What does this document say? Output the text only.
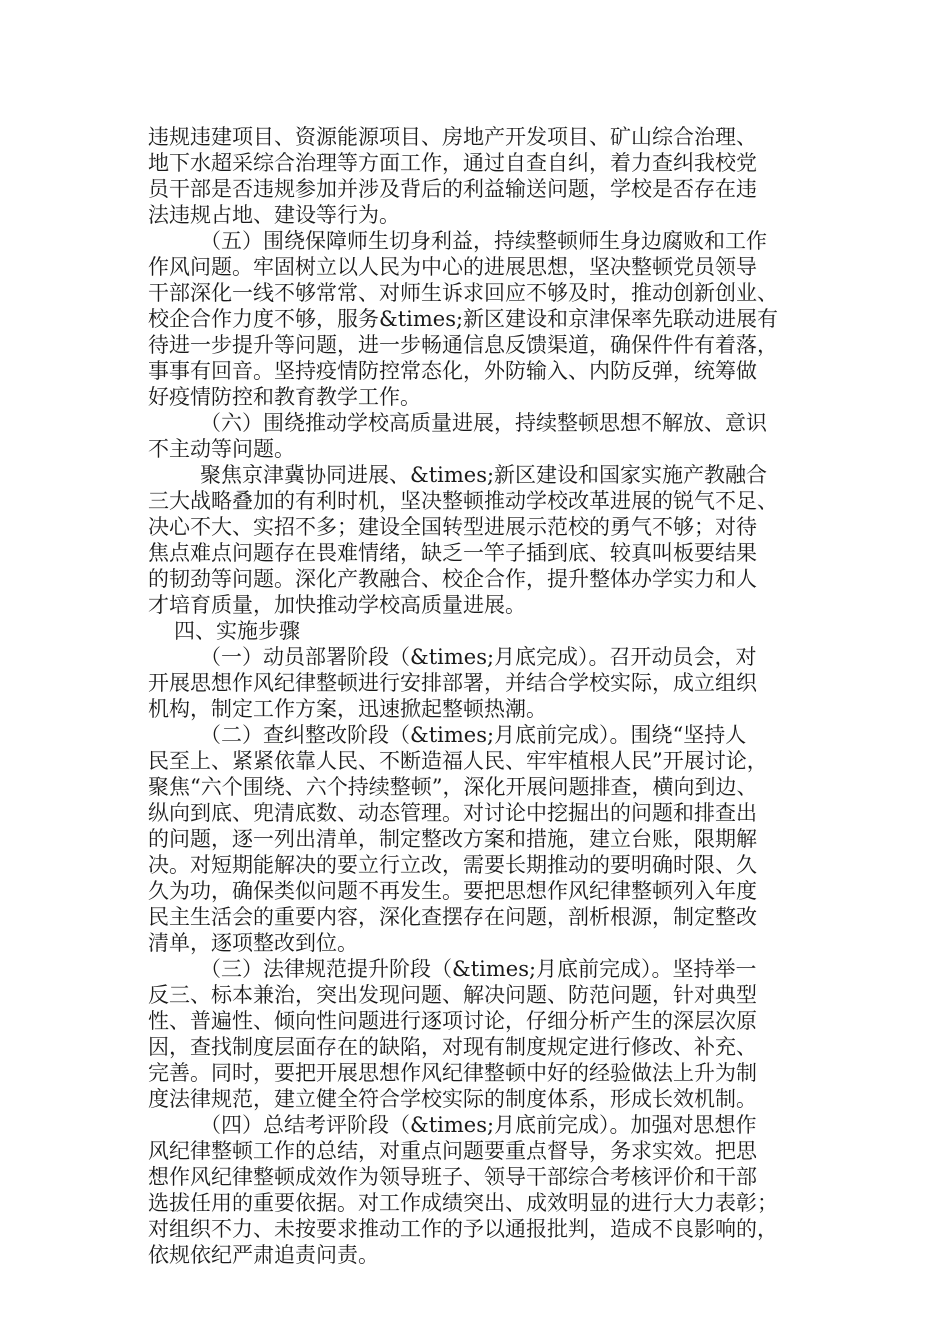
违规违建项目、资源能源项目、房地产开发项目、矿山综合治理、
地下水超采综合治理等方面工作，通过自查自纠，着力查纠我校党
员干部是否违规参加并涉及背后的利益输送问题，学校是否存在违
法违规占地、建设等行为。
（五）围绕保障师生切身利益，持续整顿师生身边腐败和工作
作风问题。牢固树立以人民为中心的进展思想，坚决整顿党员领导
干部深化一线不够常常、对师生诉求回应不够及时，推动创新创业、
校企合作力度不够，服务&times;新区建设和京津保率先联动进展有
待进一步提升等问题，进一步畅通信息反馈渠道，确保件件有着落，
事事有回音。坚持疫情防控常态化，外防输入、内防反弹，统筹做
好疫情防控和教育教学工作。
（六）围绕推动学校高质量进展，持续整顿思想不解放、意识
不主动等问题。
聚焦京津冀协同进展、&times;新区建设和国家实施产教融合
三大战略叠加的有利时机，坚决整顿推动学校改革进展的锐气不足、
决心不大、实招不多；建设全国转型进展示范校的勇气不够；对待
焦点难点问题存在畏难情绪，缺乏一竿子插到底、较真叫板要结果
的韧劲等问题。深化产教融合、校企合作，提升整体办学实力和人
才培育质量，加快推动学校高质量进展。
四、实施步骤
（一）动员部署阶段（&times;月底完成）。召开动员会，对
开展思想作风纪律整顿进行安排部署，并结合学校实际，成立组织
机构，制定工作方案，迅速掀起整顿热潮。
（二）查纠整改阶段（&times;月底前完成）。围绕“坚持人
民至上、紧紧依靠人民、不断造福人民、牢牢植根人民”开展讨论，
聚焦“六个围绕、六个持续整顿”，深化开展问题排查，横向到边、
纵向到底、兜清底数、动态管理。对讨论中挖掘出的问题和排查出
的问题，逐一列出清单，制定整改方案和措施，建立台账，限期解
决。对短期能解决的要立行立改，需要长期推动的要明确时限、久
久为功，确保类似问题不再发生。要把思想作风纪律整顿列入年度
民主生活会的重要内容，深化查摆存在问题，剖析根源，制定整改
清单，逐项整改到位。
（三）法律规范提升阶段（&times;月底前完成）。坚持举一
反三、标本兼治，突出发现问题、解决问题、防范问题，针对典型
性、普遍性、倾向性问题进行逐项讨论，仔细分析产生的深层次原
因，查找制度层面存在的缺陷，对现有制度规定进行修改、补充、
完善。同时，要把开展思想作风纪律整顿中好的经验做法上升为制
度法律规范，建立健全符合学校实际的制度体系，形成长效机制。
（四）总结考评阶段（&times;月底前完成）。加强对思想作
风纪律整顿工作的总结，对重点问题要重点督导，务求实效。把思
想作风纪律整顿成效作为领导班子、领导干部综合考核评价和干部
选拔任用的重要依据。对工作成绩突出、成效明显的进行大力表彰；
对组织不力、未按要求推动工作的予以通报批判，造成不良影响的，
依规依纪严肃追责问责。
